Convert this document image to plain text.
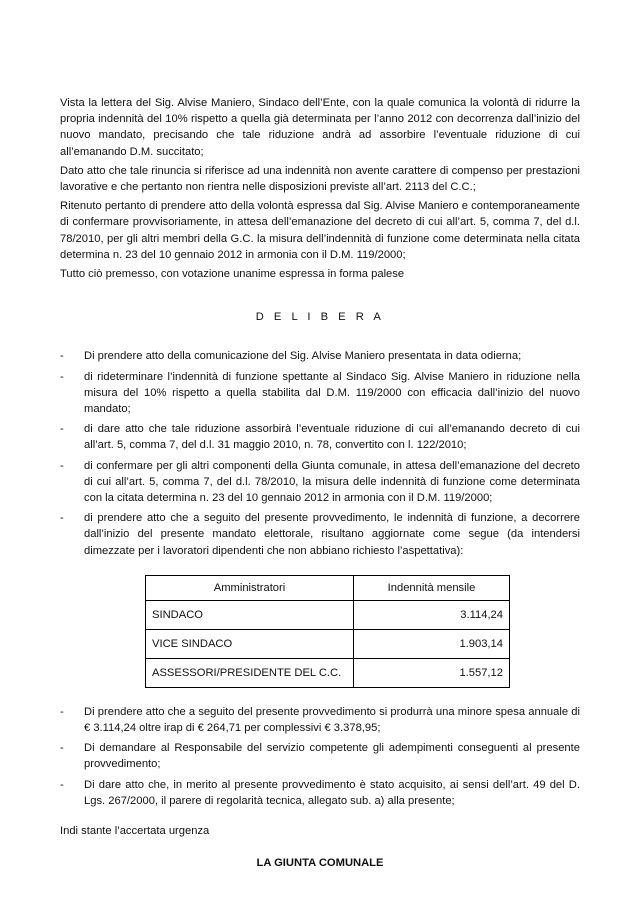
Vista la lettera del Sig. Alvise Maniero, Sindaco dell’Ente, con la quale comunica la volontà di ridurre la propria indennità del 10% rispetto a quella già determinata per l’anno 2012 con decorrenza dall’inizio del nuovo mandato, precisando che tale riduzione andrà ad assorbire l’eventuale riduzione di cui all’emanando D.M. succitato;

Dato atto che tale rinuncia si riferisce ad una indennità non avente carattere di compenso per prestazioni lavorative e che pertanto non rientra nelle disposizioni previste all’art. 2113 del C.C.;

Ritenuto pertanto di prendere atto della volontà espressa dal Sig. Alvise Maniero e contemporaneamente di confermare provvisoriamente, in attesa dell’emanazione del decreto di cui all’art. 5, comma 7, del d.l. 78/2010, per gli altri membri della G.C. la misura dell’indennità di funzione come determinata nella citata determina n. 23 del 10 gennaio 2012 in armonia con il D.M. 119/2000;

Tutto ciò premesso, con votazione unanime espressa in forma palese

D E L I B E R A
-	Di prendere atto della comunicazione del Sig. Alvise Maniero presentata in data odierna;
-	di rideterminare l’indennità di funzione spettante al Sindaco Sig. Alvise Maniero in riduzione nella misura del 10% rispetto a quella stabilita dal D.M. 119/2000 con efficacia dall’inizio del nuovo mandato;
-	di dare atto che tale riduzione assorbirà l’eventuale riduzione di cui all’emanando decreto di cui all’art. 5, comma 7, del d.l. 31 maggio 2010, n. 78, convertito con l. 122/2010;
-	di confermare per gli altri componenti della Giunta comunale, in attesa dell’emanazione del decreto di cui all’art. 5, comma 7, del d.l. 78/2010, la misura delle indennità di funzione come determinata con la citata determina n. 23 del 10 gennaio 2012 in armonia con il D.M. 119/2000;
-	di prendere atto che a seguito del presente provvedimento, le indennità di funzione, a decorrere dall’inizio del presente mandato elettorale, risultano aggiornate come segue (da intendersi dimezzate per i lavoratori dipendenti che non abbiano richiesto l’aspettativa):
Amministratori	Indennità mensile
SINDACO	3.114,24
VICE SINDACO	1.903,14
ASSESSORI/PRESIDENTE DEL C.C.	1.557,12
-	Di prendere atto che a seguito del presente provvedimento si produrrà una minore spesa annuale di € 3.114,24 oltre irap di € 264,71 per complessivi € 3.378,95;
-	Di demandare al Responsabile del servizio competente gli adempimenti conseguenti al presente provvedimento;
-	Di dare atto che, in merito al presente provvedimento è stato acquisito, ai sensi dell’art. 49 del D. Lgs. 267/2000, il parere di regolarità tecnica, allegato sub. a) alla presente;

Indi stante l’accertata urgenza

LA GIUNTA COMUNALE
